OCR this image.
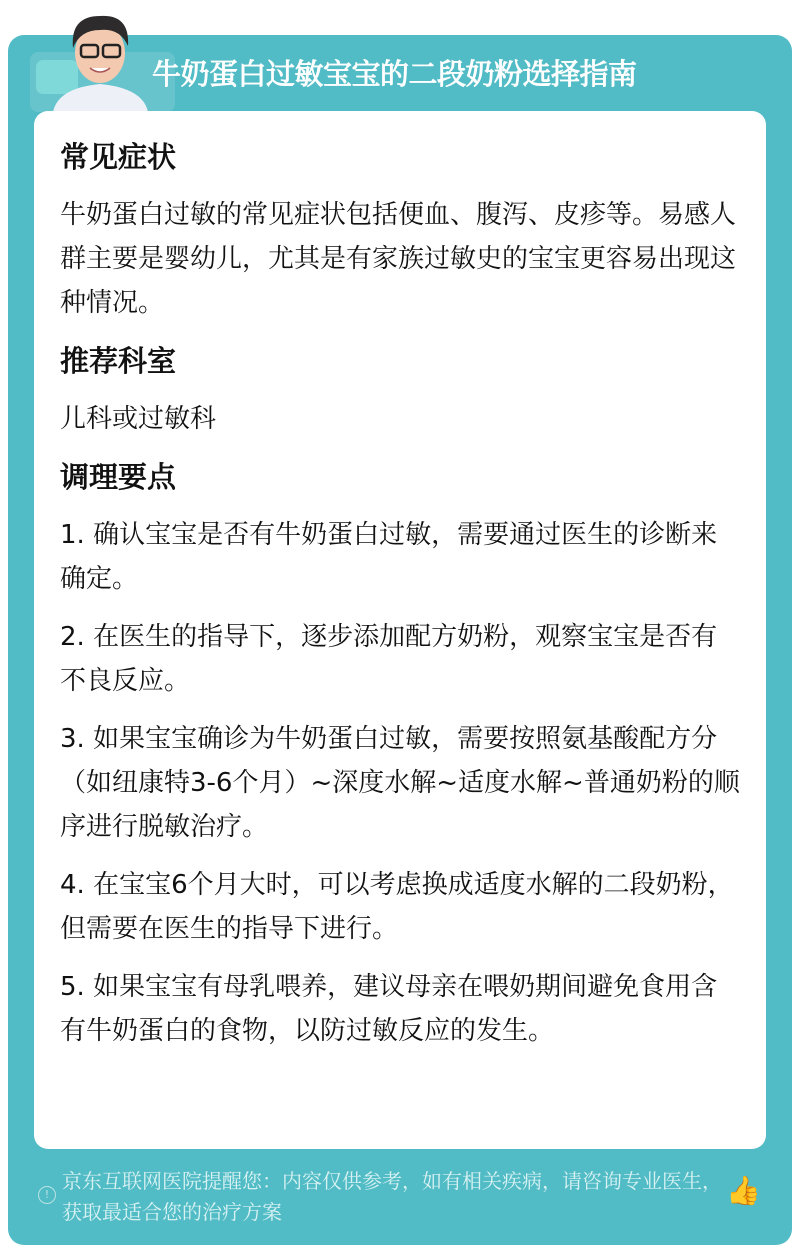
牛奶蛋白过敏宝宝的二段奶粉选择指南
常见症状

牛奶蛋白过敏的常见症状包括便血、腹泻、皮疹等。易感人群主要是婴幼儿，尤其是有家族过敏史的宝宝更容易出现这种情况。

推荐科室

儿科或过敏科

调理要点

1. 确认宝宝是否有牛奶蛋白过敏，需要通过医生的诊断来确定。

2. 在医生的指导下，逐步添加配方奶粉，观察宝宝是否有不良反应。

3. 如果宝宝确诊为牛奶蛋白过敏，需要按照氨基酸配方分（如纽康特3-6个月）~深度水解~适度水解~普通奶粉的顺序进行脱敏治疗。

4. 在宝宝6个月大时，可以考虑换成适度水解的二段奶粉，但需要在医生的指导下进行。

5. 如果宝宝有母乳喂养，建议母亲在喂奶期间避免食用含有牛奶蛋白的食物，以防过敏反应的发生。

!
京东互联网医院提醒您：内容仅供参考，如有相关疾病，请咨询专业医生，获取最适合您的治疗方案
👍
